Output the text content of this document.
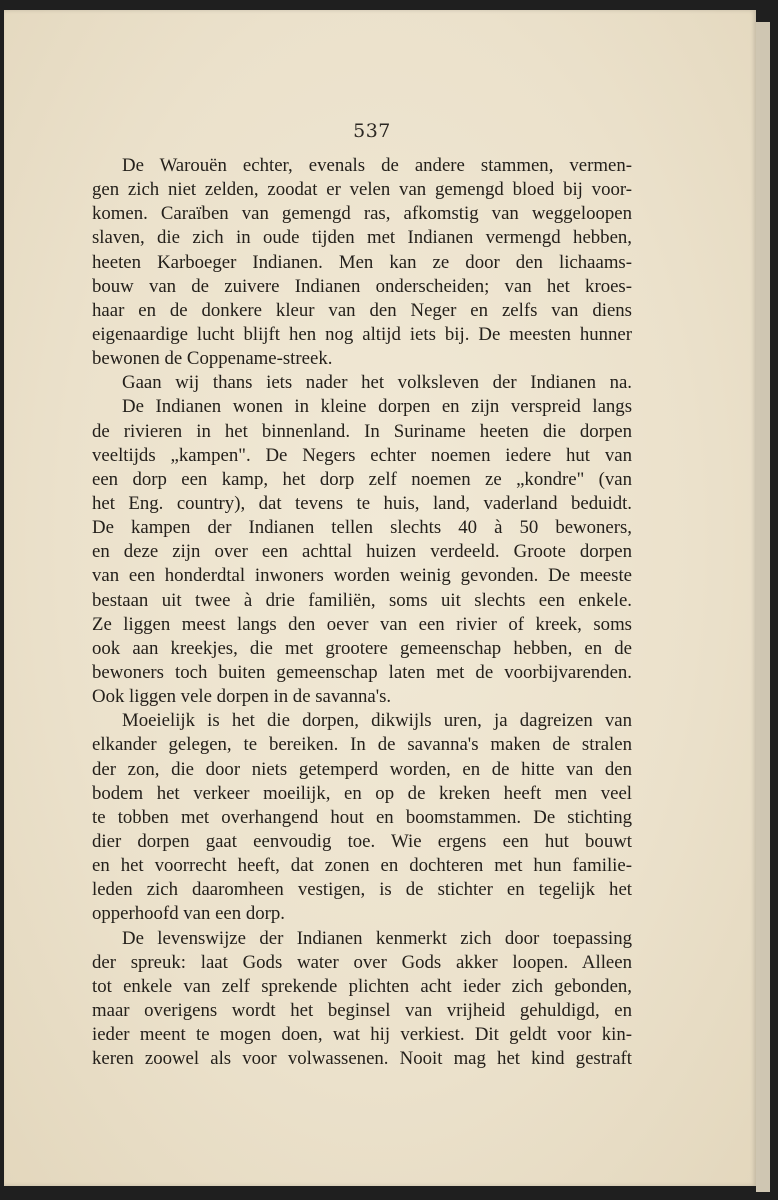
537
De Warouën echter, evenals de andere stammen, vermen-
gen zich niet zelden, zoodat er velen van gemengd bloed bij voor-
komen. Caraïben van gemengd ras, afkomstig van weggeloopen
slaven, die zich in oude tijden met Indianen vermengd hebben,
heeten Karboeger Indianen. Men kan ze door den lichaams-
bouw van de zuivere Indianen onderscheiden; van het kroes-
haar en de donkere kleur van den Neger en zelfs van diens
eigenaardige lucht blijft hen nog altijd iets bij. De meesten hunner
bewonen de Coppename-streek.
Gaan wij thans iets nader het volksleven der Indianen na.
De Indianen wonen in kleine dorpen en zijn verspreid langs
de rivieren in het binnenland. In Suriname heeten die dorpen
veeltijds „kampen". De Negers echter noemen iedere hut van
een dorp een kamp, het dorp zelf noemen ze „kondre" (van
het Eng. country), dat tevens te huis, land, vaderland beduidt.
De kampen der Indianen tellen slechts 40 à 50 bewoners,
en deze zijn over een achttal huizen verdeeld. Groote dorpen
van een honderdtal inwoners worden weinig gevonden. De meeste
bestaan uit twee à drie familiën, soms uit slechts een enkele.
Ze liggen meest langs den oever van een rivier of kreek, soms
ook aan kreekjes, die met grootere gemeenschap hebben, en de
bewoners toch buiten gemeenschap laten met de voorbijvarenden.
Ook liggen vele dorpen in de savanna's.
Moeielijk is het die dorpen, dikwijls uren, ja dagreizen van
elkander gelegen, te bereiken. In de savanna's maken de stralen
der zon, die door niets getemperd worden, en de hitte van den
bodem het verkeer moeilijk, en op de kreken heeft men veel
te tobben met overhangend hout en boomstammen. De stichting
dier dorpen gaat eenvoudig toe. Wie ergens een hut bouwt
en het voorrecht heeft, dat zonen en dochteren met hun familie-
leden zich daaromheen vestigen, is de stichter en tegelijk het
opperhoofd van een dorp.
De levenswijze der Indianen kenmerkt zich door toepassing
der spreuk: laat Gods water over Gods akker loopen. Alleen
tot enkele van zelf sprekende plichten acht ieder zich gebonden,
maar overigens wordt het beginsel van vrijheid gehuldigd, en
ieder meent te mogen doen, wat hij verkiest. Dit geldt voor kin-
keren zoowel als voor volwassenen. Nooit mag het kind gestraft
